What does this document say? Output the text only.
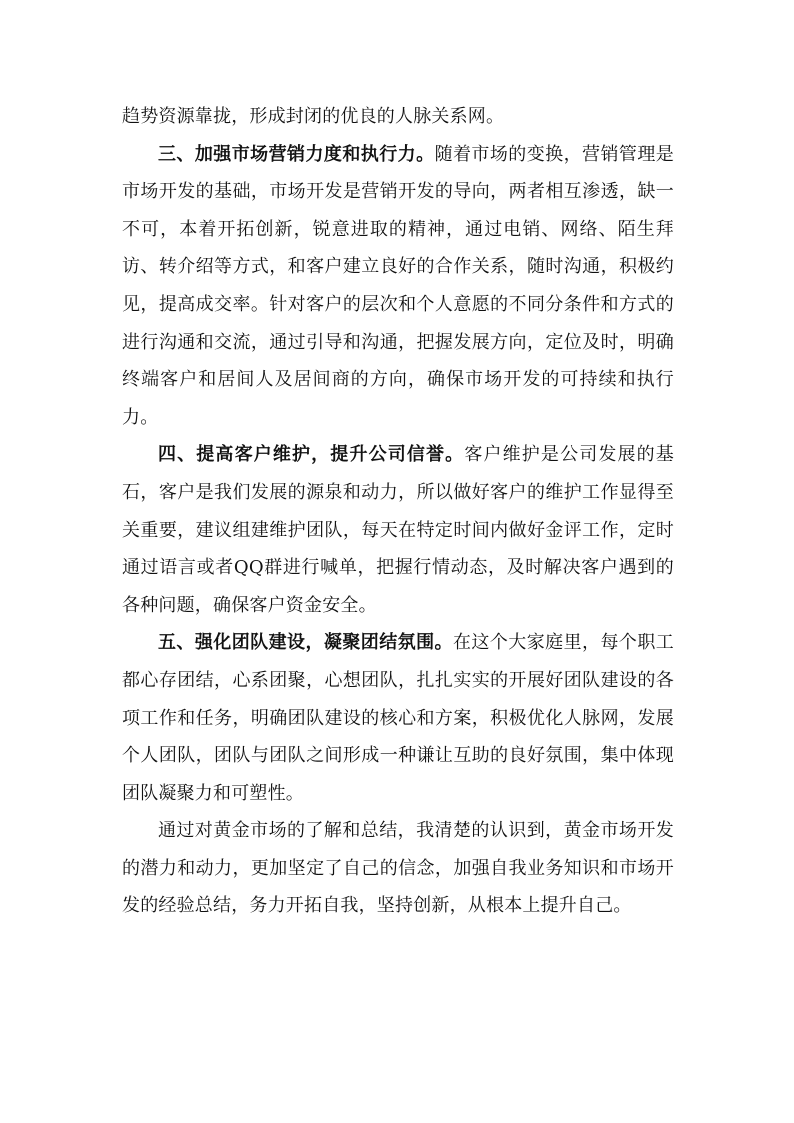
趋势资源靠拢，形成封闭的优良的人脉关系网。

三、加强市场营销力度和执行力。随着市场的变换，营销管理是市场开发的基础，市场开发是营销开发的导向，两者相互渗透，缺一不可，本着开拓创新，锐意进取的精神，通过电销、网络、陌生拜访、转介绍等方式，和客户建立良好的合作关系，随时沟通，积极约见，提高成交率。针对客户的层次和个人意愿的不同分条件和方式的进行沟通和交流，通过引导和沟通，把握发展方向，定位及时，明确终端客户和居间人及居间商的方向，确保市场开发的可持续和执行力。

四、提高客户维护，提升公司信誉。客户维护是公司发展的基石，客户是我们发展的源泉和动力，所以做好客户的维护工作显得至关重要，建议组建维护团队，每天在特定时间内做好金评工作，定时通过语言或者QQ群进行喊单，把握行情动态，及时解决客户遇到的各种问题，确保客户资金安全。

五、强化团队建设，凝聚团结氛围。在这个大家庭里，每个职工都心存团结，心系团聚，心想团队，扎扎实实的开展好团队建设的各项工作和任务，明确团队建设的核心和方案，积极优化人脉网，发展个人团队，团队与团队之间形成一种谦让互助的良好氛围，集中体现团队凝聚力和可塑性。

通过对黄金市场的了解和总结，我清楚的认识到，黄金市场开发的潜力和动力，更加坚定了自己的信念，加强自我业务知识和市场开发的经验总结，务力开拓自我，坚持创新，从根本上提升自己。
